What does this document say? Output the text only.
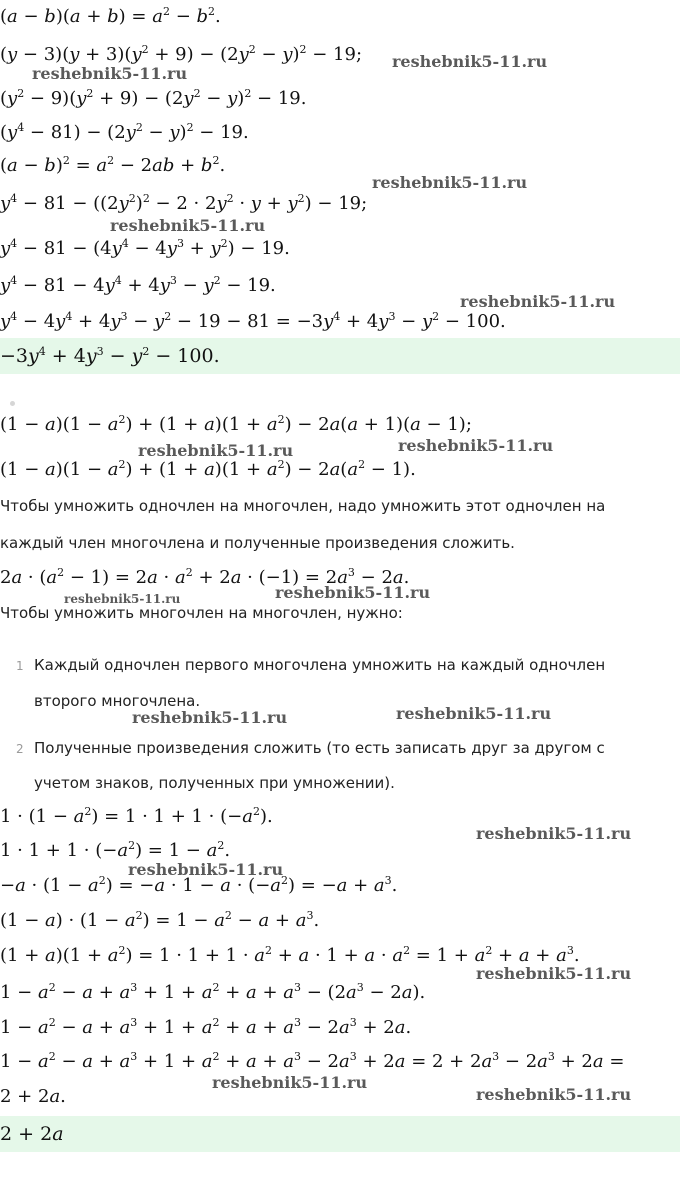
$(a - b)(a + b) = a^2 - b^2$.
$(y - 3)(y + 3)(y^2 + 9) - (2y^2 - y)^2 - 19$;
$(y^2 - 9)(y^2 + 9) - (2y^2 - y)^2 - 19$.
$(y^4 - 81) - (2y^2 - y)^2 - 19$.
$(a - b)^2 = a^2 - 2ab + b^2$.
$y^4 - 81 - ((2y^2)^2 - 2 \cdot 2y^2 \cdot y + y^2) - 19$;
$y^4 - 81 - (4y^4 - 4y^3 + y^2) - 19$.
$y^4 - 81 - 4y^4 + 4y^3 - y^2 - 19$.
$y^4 - 4y^4 + 4y^3 - y^2 - 19 - 81 = -3y^4 + 4y^3 - y^2 - 100$.
$-3y^4 + 4y^3 - y^2 - 100$.
$(1 - a)(1 - a^2) + (1 + a)(1 + a^2) - 2a(a + 1)(a - 1)$;
$(1 - a)(1 - a^2) + (1 + a)(1 + a^2) - 2a(a^2 - 1)$.
Чтобы умножить одночлен на многочлен, надо умножить этот одночлен на
каждый член многочлена и полученные произведения сложить.
$2a \cdot (a^2 - 1) = 2a \cdot a^2 + 2a \cdot (-1) = 2a^3 - 2a$.
Чтобы умножить многочлен на многочлен, нужно:
1 Каждый одночлен первого многочлена умножить на каждый одночлен
второго многочлена.
2 Полученные произведения сложить (то есть записать друг за другом с
учетом знаков, полученных при умножении).
$1 \cdot (1 - a^2) = 1 \cdot 1 + 1 \cdot (-a^2)$.
$1 \cdot 1 + 1 \cdot (-a^2) = 1 - a^2$.
$-a \cdot (1 - a^2) = -a \cdot 1 - a \cdot (-a^2) = -a + a^3$.
$(1 - a) \cdot (1 - a^2) = 1 - a^2 - a + a^3$.
$(1 + a)(1 + a^2) = 1 \cdot 1 + 1 \cdot a^2 + a \cdot 1 + a \cdot a^2 = 1 + a^2 + a + a^3$.
$1 - a^2 - a + a^3 + 1 + a^2 + a + a^3 - (2a^3 - 2a)$.
$1 - a^2 - a + a^3 + 1 + a^2 + a + a^3 - 2a^3 + 2a$.
$1 - a^2 - a + a^3 + 1 + a^2 + a + a^3 - 2a^3 + 2a = 2 + 2a^3 - 2a^3 + 2a$ =
2 + 2a.
2 + 2a
reshebnik5-11.ru
reshebnik5-11.ru
reshebnik5-11.ru
reshebnik5-11.ru
reshebnik5-11.ru
reshebnik5-11.ru	reshebnik5-11.ru
reshebnik5-11.ru	reshebnik5-11.ru
reshebnik5-11.ru	reshebnik5-11.ru
reshebnik5-11.ru
reshebnik5-11.ru
reshebnik5-11.ru
reshebnik5-11.ru
reshebnik5-11.ru
